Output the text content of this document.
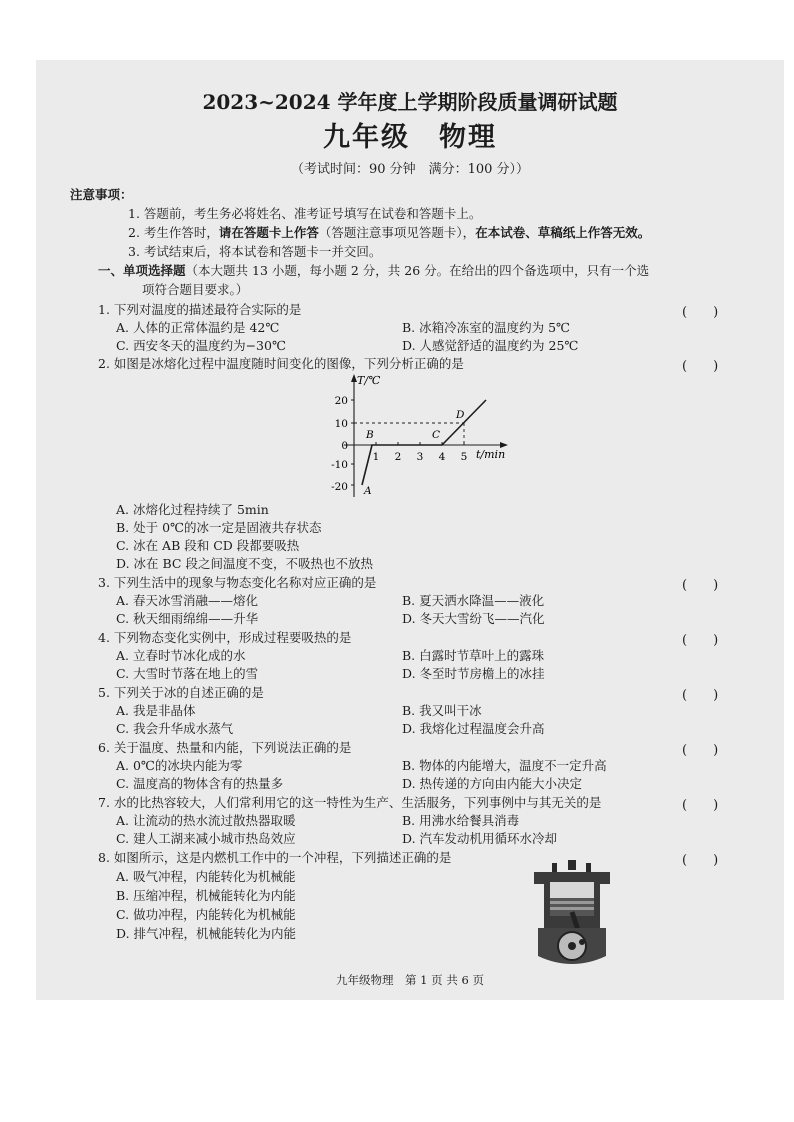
2023~2024 学年度上学期阶段质量调研试题
九年级　物理
（考试时间：90 分钟　满分：100 分））
注意事项：
1. 答题前，考生务必将姓名、准考证号填写在试卷和答题卡上。
2. 考生作答时，请在答题卡上作答（答题注意事项见答题卡），在本试卷、草稿纸上作答无效。
3. 考试结束后，将本试卷和答题卡一并交回。
一、单项选择题（本大题共 13 小题，每小题 2 分，共 26 分。在给出的四个备选项中，只有一个选
项符合题目要求。）
1. 下列对温度的描述最符合实际的是	(　　)
A. 人体的正常体温约是 42℃	B. 冰箱冷冻室的温度约为 5℃
C. 西安冬天的温度约为−30℃	D. 人感觉舒适的温度约为 25℃
2. 如图是冰熔化过程中温度随时间变化的图像，下列分析正确的是	(　　)
T/℃
t/min
20
10
0
-10
-20
1 2 3 4 5
A
B	C
D
A. 冰熔化过程持续了 5min
B. 处于 0℃的冰一定是固液共存状态
C. 冰在 AB 段和 CD 段都要吸热
D. 冰在 BC 段之间温度不变，不吸热也不放热
3. 下列生活中的现象与物态变化名称对应正确的是	(　　)
A. 春天冰雪消融——熔化	B. 夏天洒水降温——液化
C. 秋天细雨绵绵——升华	D. 冬天大雪纷飞——汽化
4. 下列物态变化实例中，形成过程要吸热的是	(　　)
A. 立春时节冰化成的水	B. 白露时节草叶上的露珠
C. 大雪时节落在地上的雪	D. 冬至时节房檐上的冰挂
5. 下列关于冰的自述正确的是	(　　)
A. 我是非晶体	B. 我又叫干冰
C. 我会升华成水蒸气	D. 我熔化过程温度会升高
6. 关于温度、热量和内能，下列说法正确的是	(　　)
A. 0℃的冰块内能为零	B. 物体的内能增大，温度不一定升高
C. 温度高的物体含有的热量多	D. 热传递的方向由内能大小决定
7. 水的比热容较大，人们常利用它的这一特性为生产、生活服务，下列事例中与其无关的是	(　　)
A. 让流动的热水流过散热器取暖	B. 用沸水给餐具消毒
C. 建人工湖来减小城市热岛效应	D. 汽车发动机用循环水冷却
8. 如图所示，这是内燃机工作中的一个冲程，下列描述正确的是	(　　)
A. 吸气冲程，内能转化为机械能
B. 压缩冲程，机械能转化为内能
C. 做功冲程，内能转化为机械能
D. 排气冲程，机械能转化为内能
九年级物理　第 1 页 共 6 页
